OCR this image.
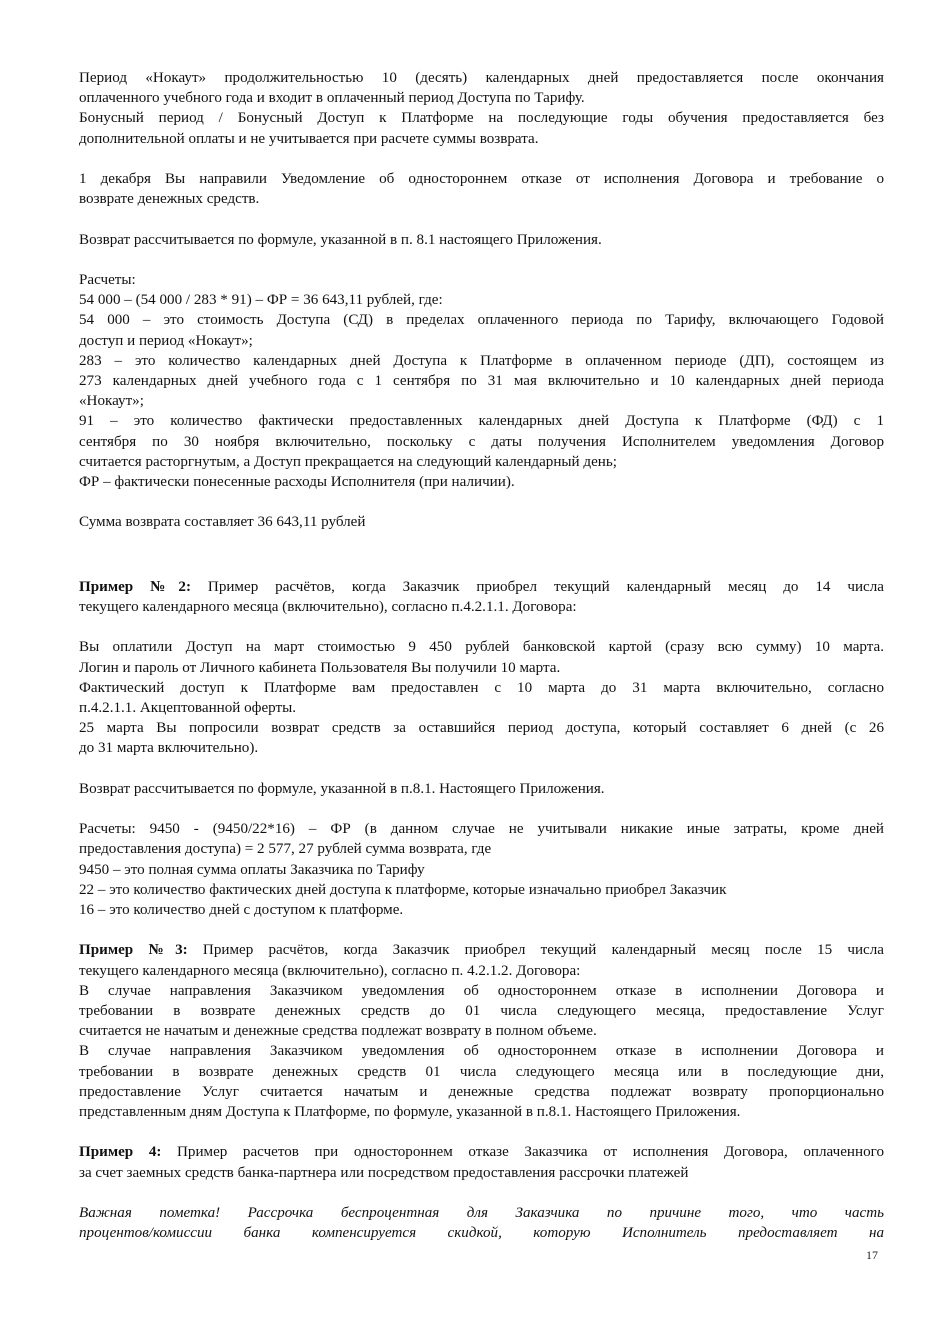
Период «Нокаут» продолжительностью 10 (десять) календарных дней предоставляется после окончания
оплаченного учебного года и входит в оплаченный период Доступа по Тарифу.
Бонусный период / Бонусный Доступ к Платформе на последующие годы обучения предоставляется без
дополнительной оплаты и не учитывается при расчете суммы возврата.
1 декабря Вы направили Уведомление об одностороннем отказе от исполнения Договора и требование о
возврате денежных средств.
Возврат рассчитывается по формуле, указанной в п. 8.1 настоящего Приложения.
Расчеты:
54 000 – (54 000 / 283 * 91) – ФР = 36 643,11 рублей, где:
54 000 – это стоимость Доступа (СД) в пределах оплаченного периода по Тарифу, включающего Годовой
доступ и период «Нокаут»;
283 – это количество календарных дней Доступа к Платформе в оплаченном периоде (ДП), состоящем из
273 календарных дней учебного года с 1 сентября по 31 мая включительно и 10 календарных дней периода
«Нокаут»;
91 – это количество фактически предоставленных календарных дней Доступа к Платформе (ФД) с 1
сентября по 30 ноября включительно, поскольку с даты получения Исполнителем уведомления Договор
считается расторгнутым, а Доступ прекращается на следующий календарный день;
ФР – фактически понесенные расходы Исполнителя (при наличии).
Сумма возврата составляет 36 643,11 рублей
Пример №2: Пример расчётов, когда Заказчик приобрел текущий календарный месяц до 14 числа
текущего календарного месяца (включительно), согласно п.4.2.1.1. Договора:
Вы оплатили Доступ на март стоимостью 9 450 рублей банковской картой (сразу всю сумму) 10 марта.
Логин и пароль от Личного кабинета Пользователя Вы получили 10 марта.
Фактический доступ к Платформе вам предоставлен с 10 марта до 31 марта включительно, согласно
п.4.2.1.1. Акцептованной оферты.
25 марта Вы попросили возврат средств за оставшийся период доступа, который составляет 6 дней (с 26
до 31 марта включительно).
Возврат рассчитывается по формуле, указанной в п.8.1. Настоящего Приложения.
Расчеты: 9450 - (9450/22*16) – ФР (в данном случае не учитывали никакие иные затраты, кроме дней
предоставления доступа) = 2 577, 27 рублей сумма возврата, где
9450 – это полная сумма оплаты Заказчика по Тарифу
22 – это количество фактических дней доступа к платформе, которые изначально приобрел Заказчик
16 – это количество дней с доступом к платформе.
Пример №3: Пример расчётов, когда Заказчик приобрел текущий календарный месяц после 15 числа
текущего календарного месяца (включительно), согласно п. 4.2.1.2. Договора:
В случае направления Заказчиком уведомления об одностороннем отказе в исполнении Договора и
требовании в возврате денежных средств до 01 числа следующего месяца, предоставление Услуг
считается не начатым и денежные средства подлежат возврату в полном объеме.
В случае направления Заказчиком уведомления об одностороннем отказе в исполнении Договора и
требовании в возврате денежных средств 01 числа следующего месяца или в последующие дни,
предоставление Услуг считается начатым и денежные средства подлежат возврату пропорционально
представленным дням Доступа к Платформе, по формуле, указанной в п.8.1. Настоящего Приложения.
Пример 4: Пример расчетов при одностороннем отказе Заказчика от исполнения Договора, оплаченного
за счет заемных средств банка-партнера или посредством предоставления рассрочки платежей
Важная пометка! Рассрочка беспроцентная для Заказчика по причине того, что часть
процентов/комиссии банка компенсируется скидкой, которую Исполнитель предоставляет на
17
